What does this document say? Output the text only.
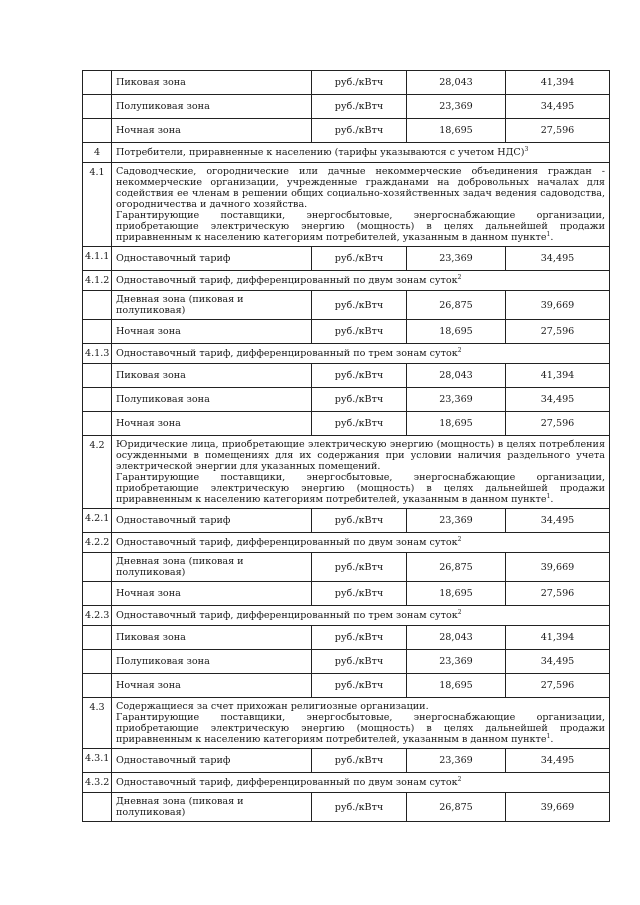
	Пиковая зона	руб./кВтч	28,043	41,394
	Полупиковая зона	руб./кВтч	23,369	34,495
	Ночная зона	руб./кВтч	18,695	27,596
4	Потребители, приравненные к населению (тарифы указываются с учетом НДС)$^3$
4.1	Садоводческие, огороднические или дачные некоммерческие объединения граждан - некоммерческие организации, учрежденные гражданами на добровольных началах для содействия ее членам в решении общих социально-хозяйственных задач ведения садоводства, огородничества и дачного хозяйства.
Гарантирующие поставщики, энергосбытовые, энергоснабжающие организации, приобретающие электрическую энергию (мощность) в целях дальнейшей продажи приравненным к населению категориям потребителей, указанным в данном пункте$^1$.			

4.1.1	Одноставочный тариф	руб./кВтч	23,369	34,495
4.1.2	Одноставочный тариф, дифференцированный по двум зонам суток$^2$
	Дневная зона (пиковая и полупиковая)	руб./кВтч	26,875	39,669
	Ночная зона	руб./кВтч	18,695	27,596
4.1.3	Одноставочный тариф, дифференцированный по трем зонам суток$^2$
	Пиковая зона	руб./кВтч	28,043	41,394
	Полупиковая зона	руб./кВтч	23,369	34,495
	Ночная зона	руб./кВтч	18,695	27,596
4.2	Юридические лица, приобретающие электрическую энергию (мощность) в целях потребления осужденными в помещениях для их содержания при условии наличия раздельного учета электрической энергии для указанных помещений.
Гарантирующие поставщики, энергосбытовые, энергоснабжающие организации, приобретающие электрическую энергию (мощность) в целях дальнейшей продажи приравненным к населению категориям потребителей, указанным в данном пункте$^1$.			

4.2.1	Одноставочный тариф	руб./кВтч	23,369	34,495
4.2.2	Одноставочный тариф, дифференцированный по двум зонам суток$^2$
	Дневная зона (пиковая и полупиковая)	руб./кВтч	26,875	39,669
	Ночная зона	руб./кВтч	18,695	27,596
4.2.3	Одноставочный тариф, дифференцированный по трем зонам суток$^2$
	Пиковая зона	руб./кВтч	28,043	41,394
	Полупиковая зона	руб./кВтч	23,369	34,495
	Ночная зона	руб./кВтч	18,695	27,596
4.3	Содержащиеся за счет прихожан религиозные организации.
Гарантирующие поставщики, энергосбытовые, энергоснабжающие организации, приобретающие электрическую энергию (мощность) в целях дальнейшей продажи приравненным к населению категориям потребителей, указанным в данном пункте$^1$.			

4.3.1	Одноставочный тариф	руб./кВтч	23,369	34,495
4.3.2	Одноставочный тариф, дифференцированный по двум зонам суток$^2$
	Дневная зона (пиковая и полупиковая)	руб./кВтч	26,875	39,669
